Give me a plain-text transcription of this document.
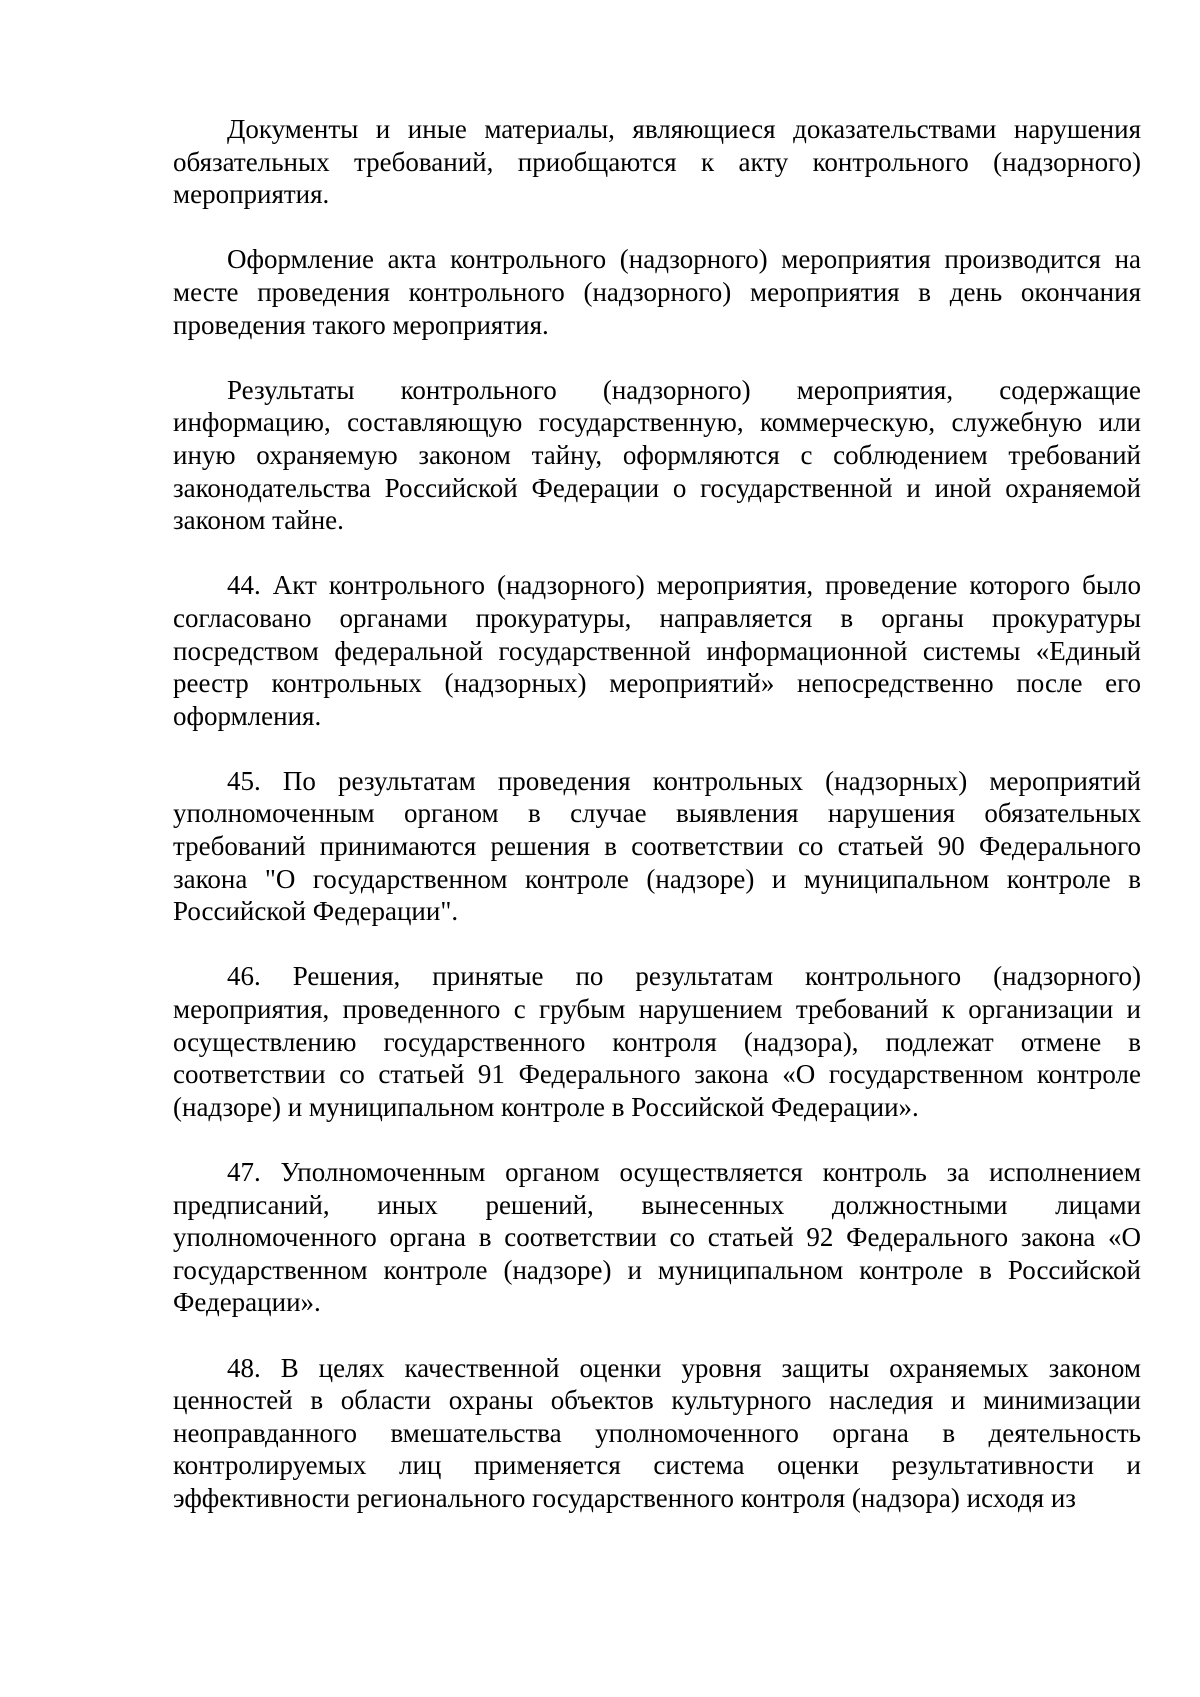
Документы и иные материалы, являющиеся доказательствами нарушения обязательных требований, приобщаются к акту контрольного (надзорного) мероприятия.

Оформление акта контрольного (надзорного) мероприятия производится на месте проведения контрольного (надзорного) мероприятия в день окончания проведения такого мероприятия.

Результаты контрольного (надзорного) мероприятия, содержащие информацию, составляющую государственную, коммерческую, служебную или иную охраняемую законом тайну, оформляются с соблюдением требований законодательства Российской Федерации о государственной и иной охраняемой законом тайне.

44. Акт контрольного (надзорного) мероприятия, проведение которого было согласовано органами прокуратуры, направляется в органы прокуратуры посредством федеральной государственной информационной системы «Единый реестр контрольных (надзорных) мероприятий» непосредственно после его оформления.

45. По результатам проведения контрольных (надзорных) мероприятий уполномоченным органом в случае выявления нарушения обязательных требований принимаются решения в соответствии со статьей 90 Федерального закона "О государственном контроле (надзоре) и муниципальном контроле в Российской Федерации".

46. Решения, принятые по результатам контрольного (надзорного) мероприятия, проведенного с грубым нарушением требований к организации и осуществлению государственного контроля (надзора), подлежат отмене в соответствии со статьей 91 Федерального закона «О государственном контроле (надзоре) и муниципальном контроле в Российской Федерации».

47. Уполномоченным органом осуществляется контроль за исполнением предписаний, иных решений, вынесенных должностными лицами уполномоченного органа в соответствии со статьей 92 Федерального закона «О государственном контроле (надзоре) и муниципальном контроле в Российской Федерации».

48. В целях качественной оценки уровня защиты охраняемых законом ценностей в области охраны объектов культурного наследия и минимизации неоправданного вмешательства уполномоченного органа в деятельность контролируемых лиц применяется система оценки результативности и эффективности регионального государственного контроля (надзора) исходя из
